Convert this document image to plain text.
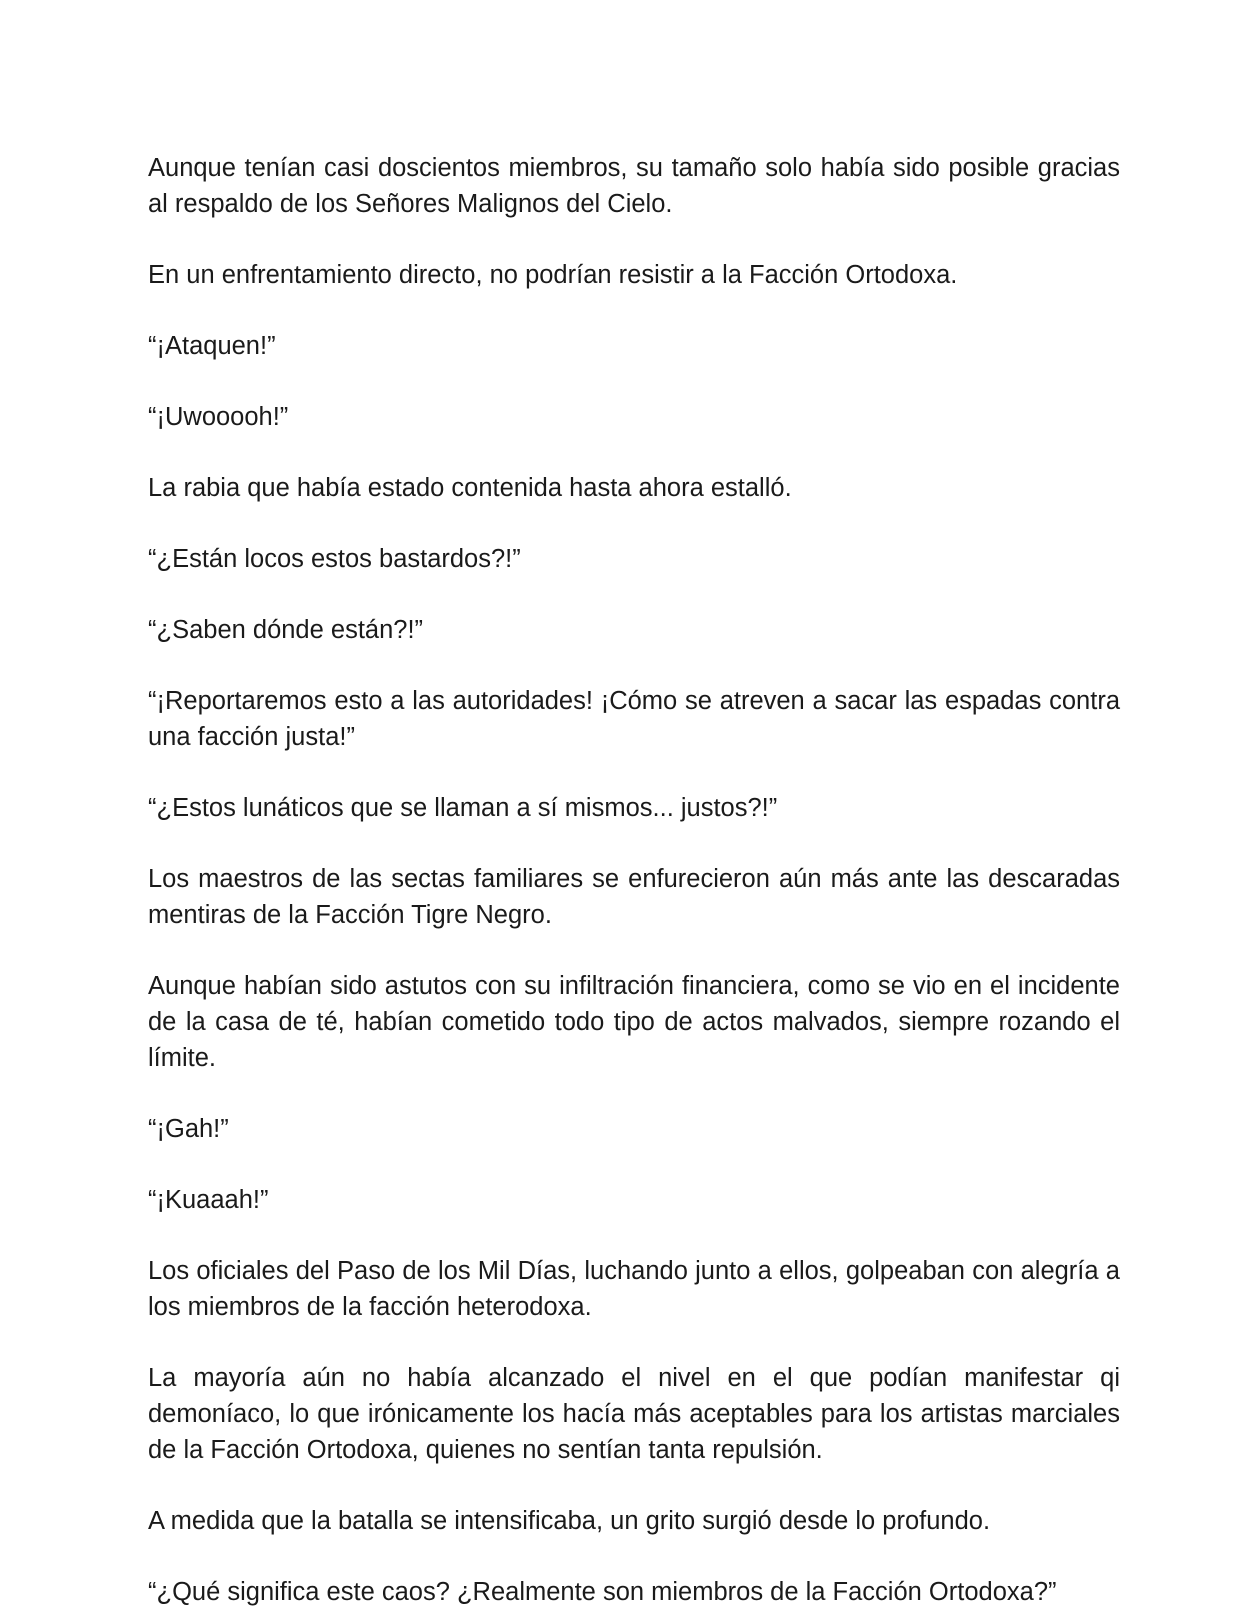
Aunque tenían casi doscientos miembros, su tamaño solo había sido posible gracias al respaldo de los Señores Malignos del Cielo.

En un enfrentamiento directo, no podrían resistir a la Facción Ortodoxa.

“¡Ataquen!”

“¡Uwooooh!”

La rabia que había estado contenida hasta ahora estalló.

“¿Están locos estos bastardos?!”

“¿Saben dónde están?!”

“¡Reportaremos esto a las autoridades! ¡Cómo se atreven a sacar las espadas contra una facción justa!”

“¿Estos lunáticos que se llaman a sí mismos... justos?!”

Los maestros de las sectas familiares se enfurecieron aún más ante las descaradas mentiras de la Facción Tigre Negro.

Aunque habían sido astutos con su infiltración financiera, como se vio en el incidente de la casa de té, habían cometido todo tipo de actos malvados, siempre rozando el límite.

“¡Gah!”

“¡Kuaaah!”

Los oficiales del Paso de los Mil Días, luchando junto a ellos, golpeaban con alegría a los miembros de la facción heterodoxa.

La mayoría aún no había alcanzado el nivel en el que podían manifestar qi demoníaco, lo que irónicamente los hacía más aceptables para los artistas marciales de la Facción Ortodoxa, quienes no sentían tanta repulsión.

A medida que la batalla se intensificaba, un grito surgió desde lo profundo.

“¿Qué significa este caos? ¿Realmente son miembros de la Facción Ortodoxa?”
